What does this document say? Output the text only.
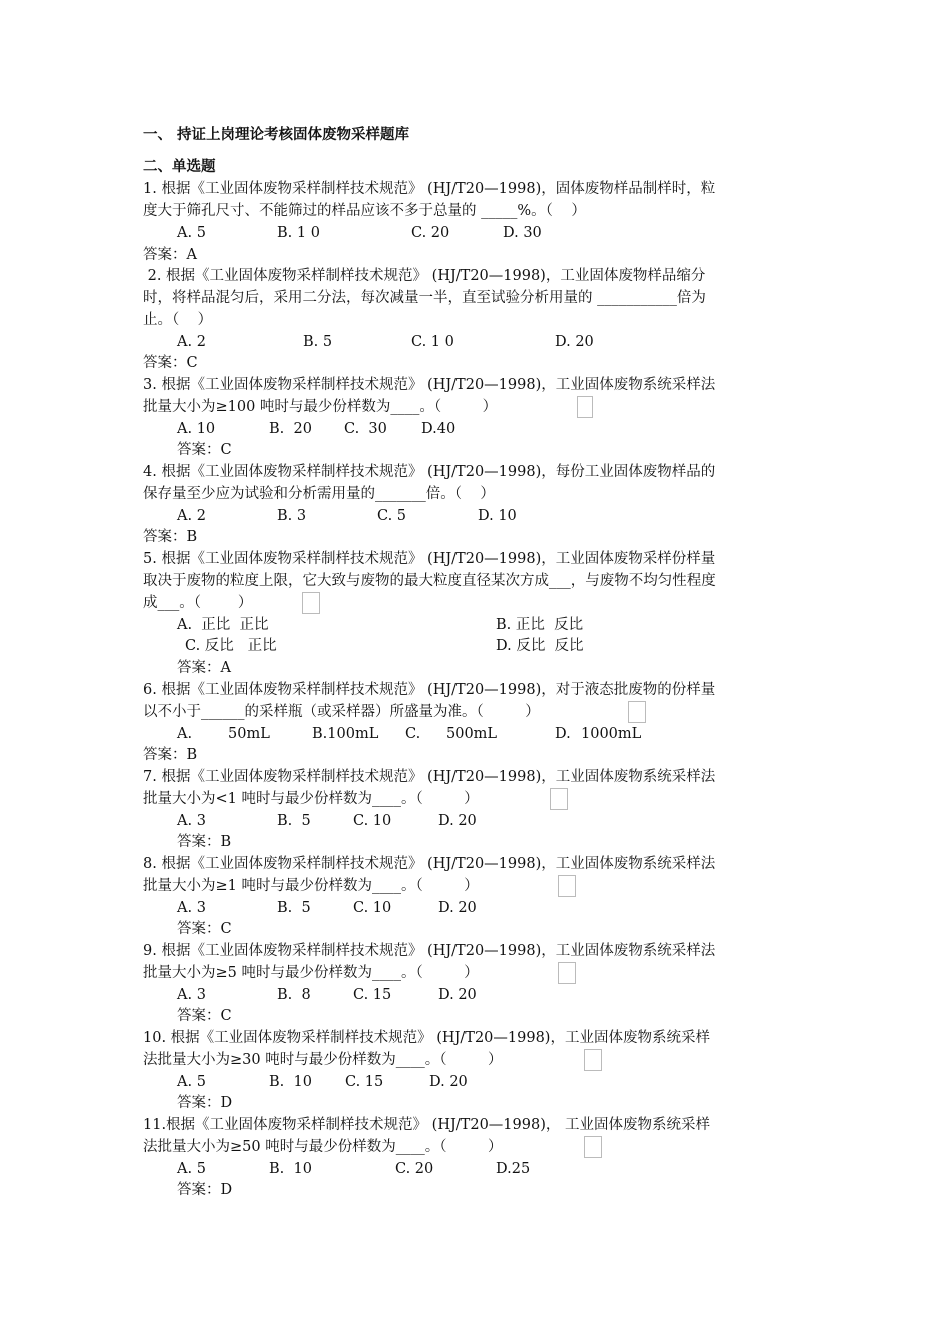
一、 持证上岗理论考核固体废物采样题库
二、单选题
1. 根据《工业固体废物采样制样技术规范》 (HJ/T20—1998)，固体废物样品制样时，粒
度大于筛孔尺寸、不能筛过的样品应该不多于总量的 _____%。（    ）
A. 5	B. 1 0	C. 20	D. 30
答案：A
2. 根据《工业固体废物采样制样技术规范》 (HJ/T20—1998)，工业固体废物样品缩分
时，将样品混匀后，采用二分法，每次减量一半，直至试验分析用量的 ___________倍为
止。（    ）
A. 2	B. 5	C. 1 0	D. 20
答案：C
3. 根据《工业固体废物采样制样技术规范》 (HJ/T20—1998)，工业固体废物系统采样法
批量大小为≥100 吨时与最少份样数为____。（         ）
A. 10	B.  20 C.  30 D.40
答案：C
4. 根据《工业固体废物采样制样技术规范》 (HJ/T20—1998)，每份工业固体废物样品的
保存量至少应为试验和分析需用量的_______倍。（    ）
A. 2	B. 3	C. 5	D. 10
答案：B
5. 根据《工业固体废物采样制样技术规范》 (HJ/T20—1998)，工业固体废物采样份样量
取决于废物的粒度上限，它大致与废物的最大粒度直径某次方成___，与废物不均匀性程度
成___。（        ）
A.  正比  正比	B. 正比  反比
C. 反比   正比	D. 反比  反比
答案：A
6. 根据《工业固体废物采样制样技术规范》 (HJ/T20—1998)，对于液态批废物的份样量
以不小于______的采样瓶（或采样器）所盛量为准。（         ）
A. 50mL	B.100mL C. 500mL	D. 1000mL
答案：B
7. 根据《工业固体废物采样制样技术规范》 (HJ/T20—1998)，工业固体废物系统采样法
批量大小为<1 吨时与最少份样数为____。（         ）
A. 3	B.  5	C. 10	D. 20
答案：B
8. 根据《工业固体废物采样制样技术规范》 (HJ/T20—1998)，工业固体废物系统采样法
批量大小为≥1 吨时与最少份样数为____。（         ）
A. 3	B.  5	C. 10	D. 20
答案：C
9. 根据《工业固体废物采样制样技术规范》 (HJ/T20—1998)，工业固体废物系统采样法
批量大小为≥5 吨时与最少份样数为____。（         ）
A. 3	B.  8	C. 15	D. 20
答案：C
10. 根据《工业固体废物采样制样技术规范》 (HJ/T20—1998)，工业固体废物系统采样
法批量大小为≥30 吨时与最少份样数为____。（         ）
A. 5	B.  10 C. 15	D. 20
答案：D
11.根据《工业固体废物采样制样技术规范》 (HJ/T20—1998)， 工业固体废物系统采样
法批量大小为≥50 吨时与最少份样数为____。（         ）
A. 5	B.  10	C. 20	D.25
答案：D
